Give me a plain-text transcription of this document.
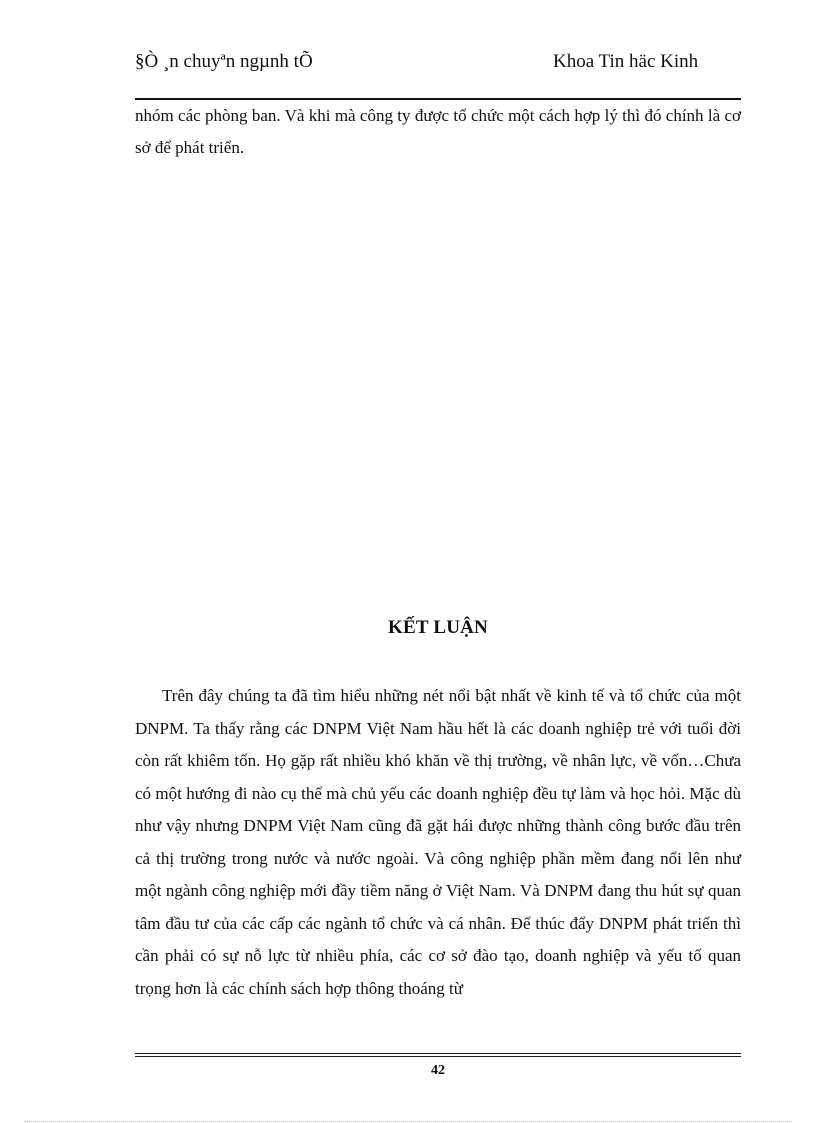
§Ò ¸n chuyªn ngµnh tÕ	Khoa Tin häc Kinh
nhóm các phòng ban. Và khi mà công ty được tổ chức một cách hợp lý thì đó chính là cơ sở để phát triển.
KẾT LUẬN
Trên đây chúng ta đã tìm hiểu những nét nổi bật nhất về kinh tế và tổ chức của một DNPM. Ta thấy rằng các DNPM Việt Nam hầu hết là các doanh nghiệp trẻ với tuổi đời còn rất khiêm tốn. Họ gặp rất nhiều khó khăn về thị trường, về nhân lực, về vốn…Chưa có một hướng đi nào cụ thể mà chủ yếu các doanh nghiệp đều tự làm và học hỏi. Mặc dù như vậy nhưng DNPM Việt Nam cũng đã gặt hái được những thành công bước đầu trên cả thị trường trong nước và nước ngoài. Và công nghiệp phần mềm đang nổi lên như một ngành công nghiệp mới đầy tiềm năng ở Việt Nam. Và DNPM đang thu hút sự quan tâm đầu tư của các cấp các ngành tổ chức và cá nhân. Để thúc đẩy DNPM phát triển thì cần phải có sự nỗ lực từ nhiều phía, các cơ sở đào tạo, doanh nghiệp và yếu tố quan trọng hơn là các chính sách hợp thông thoáng từ
42
